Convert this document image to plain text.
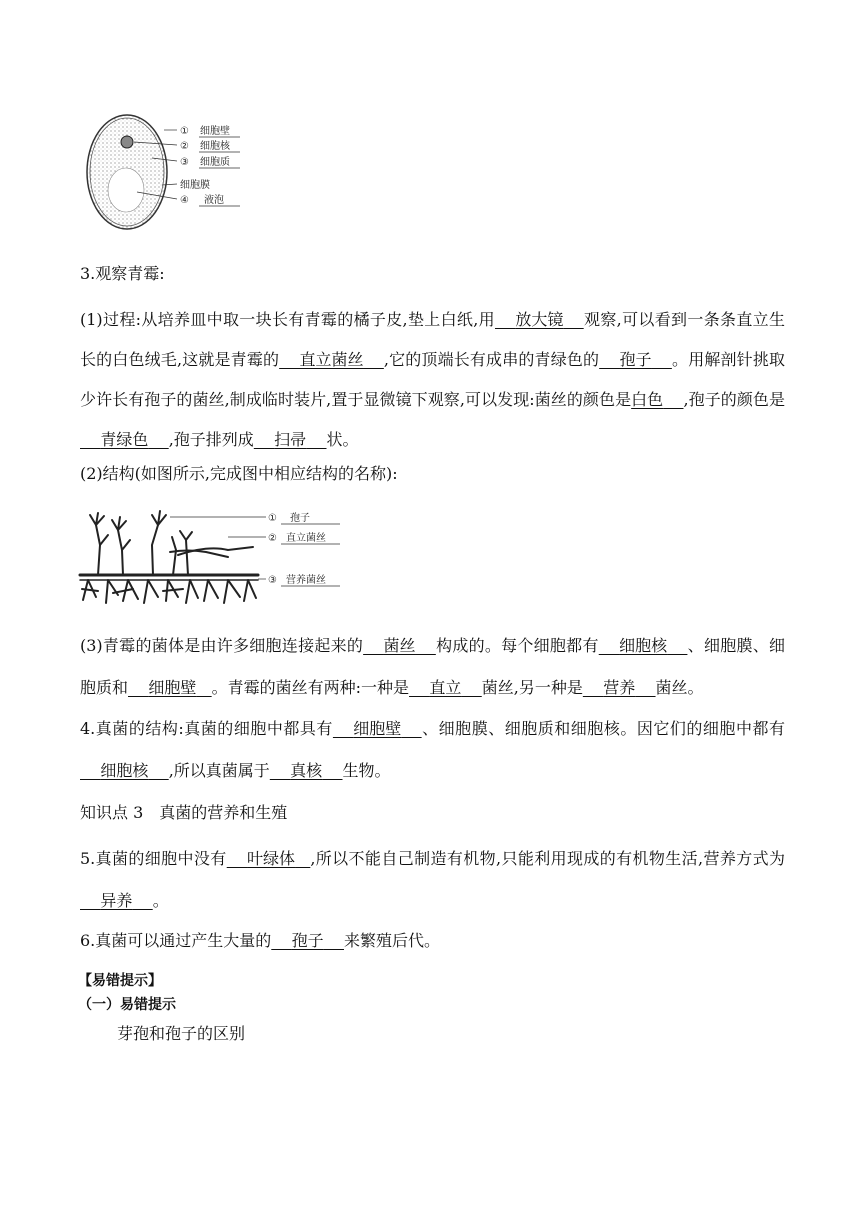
① 细胞壁
② 细胞核
③ 细胞质
细胞膜
④ 液泡
3.观察青霉:
(1)过程:从培养皿中取一块长有青霉的橘子皮,垫上白纸,用 放大镜 观察,可以看到一条条直立生长的白色绒毛,这就是青霉的 直立菌丝 ,它的顶端长有成串的青绿色的 孢子 。用解剖针挑取少许长有孢子的菌丝,制成临时装片,置于显微镜下观察,可以发现:菌丝的颜色是白色 ,孢子的颜色是    青绿色 ,孢子排列成 扫帚 状。
(2)结构(如图所示,完成图中相应结构的名称):
① 孢子
② 直立菌丝
③ 营养菌丝
(3)青霉的菌体是由许多细胞连接起来的 菌丝 构成的。每个细胞都有 细胞核 、细胞膜、细胞质和 细胞壁 。青霉的菌丝有两种:一种是 直立 菌丝,另一种是 营养 菌丝。
4.真菌的结构:真菌的细胞中都具有 细胞壁 、细胞膜、细胞质和细胞核。因它们的细胞中都有    细胞核 ,所以真菌属于 真核 生物。
知识点 3　真菌的营养和生殖
5.真菌的细胞中没有 叶绿体 ,所以不能自己制造有机物,只能利用现成的有机物生活,营养方式为    异养 。
6.真菌可以通过产生大量的 孢子 来繁殖后代。
【易错提示】
（一）易错提示
芽孢和孢子的区别
